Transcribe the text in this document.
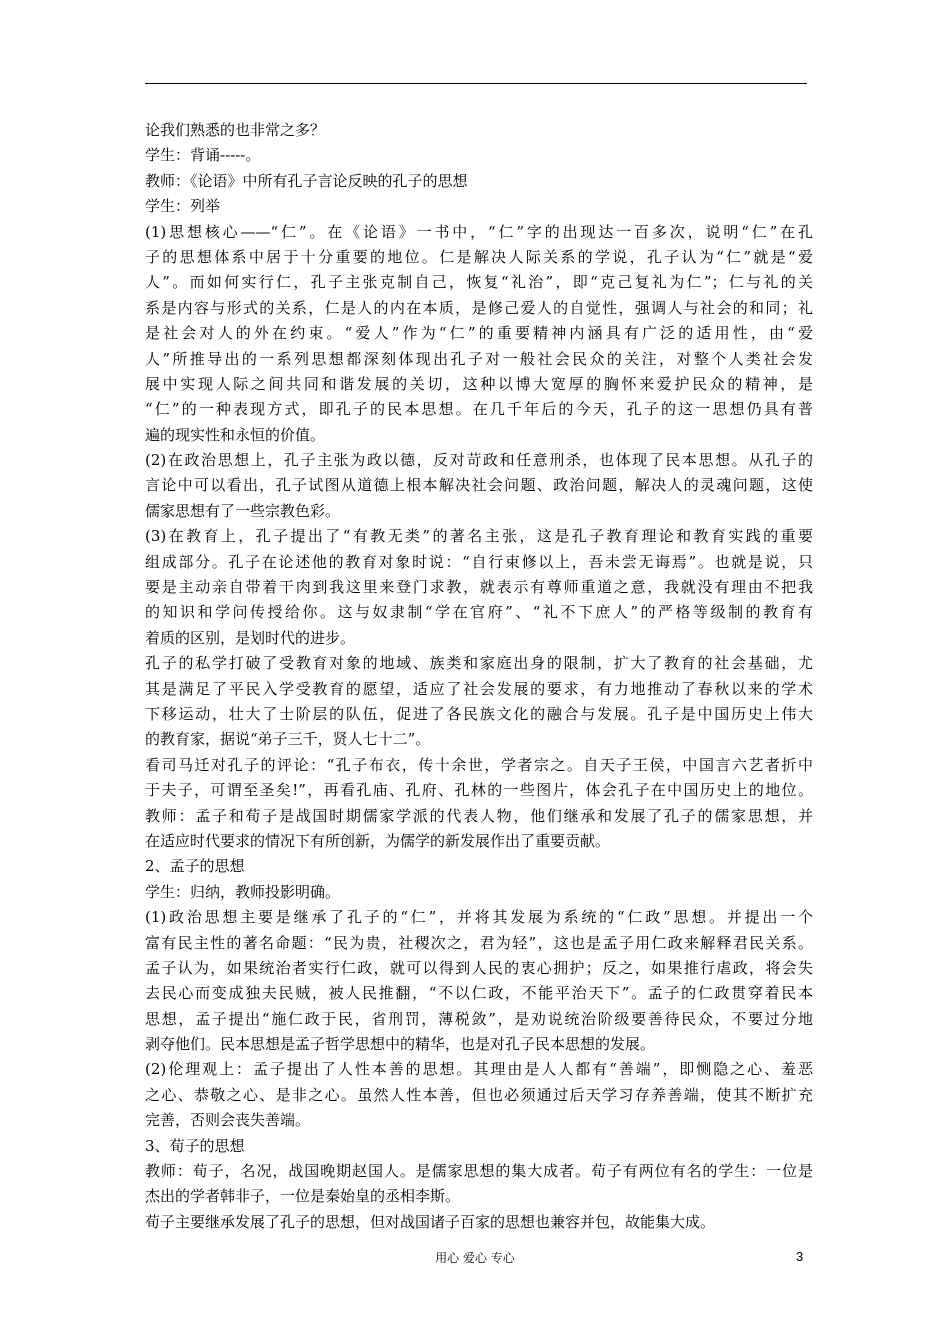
论我们熟悉的也非常之多？
学生：背诵-----。
教师：《论语》中所有孔子言论反映的孔子的思想
学生：列举
(1)思想核心——“仁”。在《论语》一书中，“仁”字的出现达一百多次，说明“仁”在孔
子的思想体系中居于十分重要的地位。仁是解决人际关系的学说，孔子认为“仁”就是“爱
人”。而如何实行仁，孔子主张克制自己，恢复“礼治”，即“克己复礼为仁”；仁与礼的关
系是内容与形式的关系，仁是人的内在本质，是修己爱人的自觉性，强调人与社会的和同；礼
是社会对人的外在约束。“爱人”作为“仁”的重要精神内涵具有广泛的适用性，由“爱
人”所推导出的一系列思想都深刻体现出孔子对一般社会民众的关注，对整个人类社会发
展中实现人际之间共同和谐发展的关切，这种以博大宽厚的胸怀来爱护民众的精神，是
“仁”的一种表现方式，即孔子的民本思想。在几千年后的今天，孔子的这一思想仍具有普
遍的现实性和永恒的价值。
(2)在政治思想上，孔子主张为政以德，反对苛政和任意刑杀，也体现了民本思想。从孔子的
言论中可以看出，孔子试图从道德上根本解决社会问题、政治问题，解决人的灵魂问题，这使
儒家思想有了一些宗教色彩。
(3)在教育上，孔子提出了“有教无类”的著名主张，这是孔子教育理论和教育实践的重要
组成部分。孔子在论述他的教育对象时说：“自行束修以上，吾未尝无诲焉”。也就是说，只
要是主动亲自带着干肉到我这里来登门求教，就表示有尊师重道之意，我就没有理由不把我
的知识和学问传授给你。这与奴隶制“学在官府”、“礼不下庶人”的严格等级制的教育有
着质的区别，是划时代的进步。
孔子的私学打破了受教育对象的地域、族类和家庭出身的限制，扩大了教育的社会基础，尤
其是满足了平民入学受教育的愿望，适应了社会发展的要求，有力地推动了春秋以来的学术
下移运动，壮大了士阶层的队伍，促进了各民族文化的融合与发展。孔子是中国历史上伟大
的教育家，据说“弟子三千，贤人七十二”。
看司马迁对孔子的评论：“孔子布衣，传十余世，学者宗之。自天子王侯，中国言六艺者折中
于夫子，可谓至圣矣!”，再看孔庙、孔府、孔林的一些图片，体会孔子在中国历史上的地位。
教师：孟子和荀子是战国时期儒家学派的代表人物，他们继承和发展了孔子的儒家思想，并
在适应时代要求的情况下有所创新，为儒学的新发展作出了重要贡献。
2、孟子的思想
学生：归纳，教师投影明确。
(1)政治思想主要是继承了孔子的“仁”，并将其发展为系统的“仁政”思想。并提出一个
富有民主性的著名命题：“民为贵，社稷次之，君为轻”，这也是孟子用仁政来解释君民关系。
孟子认为，如果统治者实行仁政，就可以得到人民的衷心拥护；反之，如果推行虐政，将会失
去民心而变成独夫民贼，被人民推翻，“不以仁政，不能平治天下”。孟子的仁政贯穿着民本
思想，孟子提出“施仁政于民，省刑罚，薄税敛”，是劝说统治阶级要善待民众，不要过分地
剥夺他们。民本思想是孟子哲学思想中的精华，也是对孔子民本思想的发展。
(2)伦理观上：孟子提出了人性本善的思想。其理由是人人都有“善端”，即恻隐之心、羞恶
之心、恭敬之心、是非之心。虽然人性本善，但也必须通过后天学习存养善端，使其不断扩充
完善，否则会丧失善端。
3、荀子的思想
教师：荀子，名况，战国晚期赵国人。是儒家思想的集大成者。荀子有两位有名的学生：一位是
杰出的学者韩非子，一位是秦始皇的丞相李斯。
荀子主要继承发展了孔子的思想，但对战国诸子百家的思想也兼容并包，故能集大成。
用心 爱心 专心	3
